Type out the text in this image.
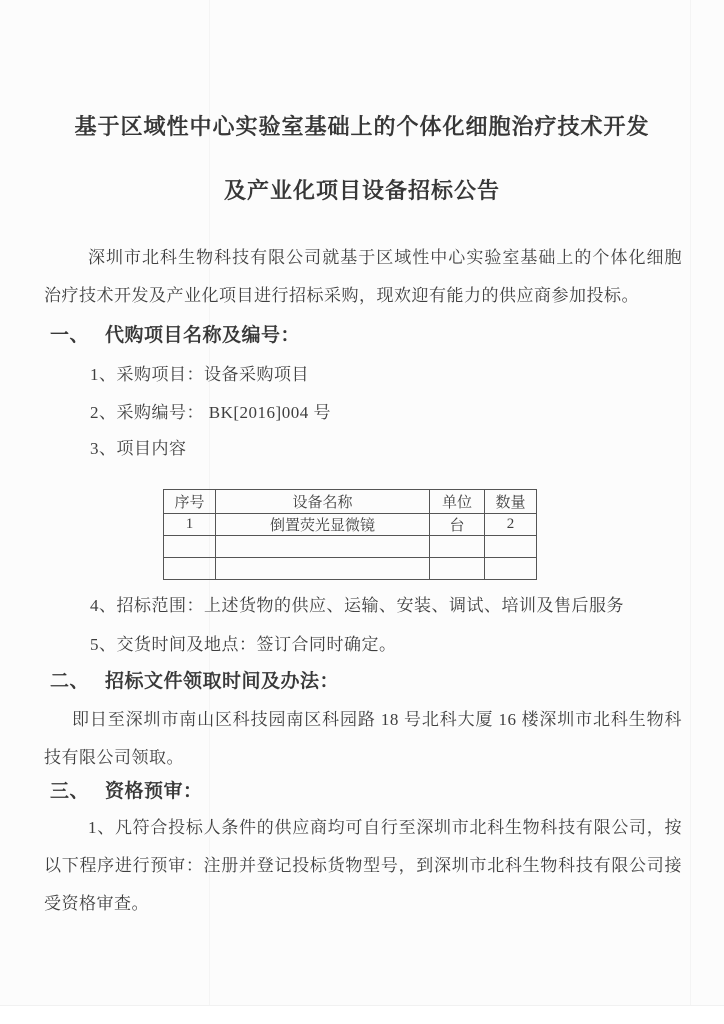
基于区域性中心实验室基础上的个体化细胞治疗技术开发
及产业化项目设备招标公告

深圳市北科生物科技有限公司就基于区域性中心实验室基础上的个体化细胞治疗技术开发及产业化项目进行招标采购，现欢迎有能力的供应商参加投标。

一、 代购项目名称及编号：
1、采购项目：设备采购项目
2、采购编号： BK[2016]004 号
3、项目内容
序号	设备名称	单位	数量
1	倒置荧光显微镜	台	2

4、招标范围：上述货物的供应、运输、安装、调试、培训及售后服务
5、交货时间及地点：签订合同时确定。
二、 招标文件领取时间及办法：

即日至深圳市南山区科技园南区科园路 18 号北科大厦 16 楼深圳市北科生物科技有限公司领取。

三、 资格预审：

1、凡符合投标人条件的供应商均可自行至深圳市北科生物科技有限公司，按以下程序进行预审：注册并登记投标货物型号，到深圳市北科生物科技有限公司接受资格审查。
